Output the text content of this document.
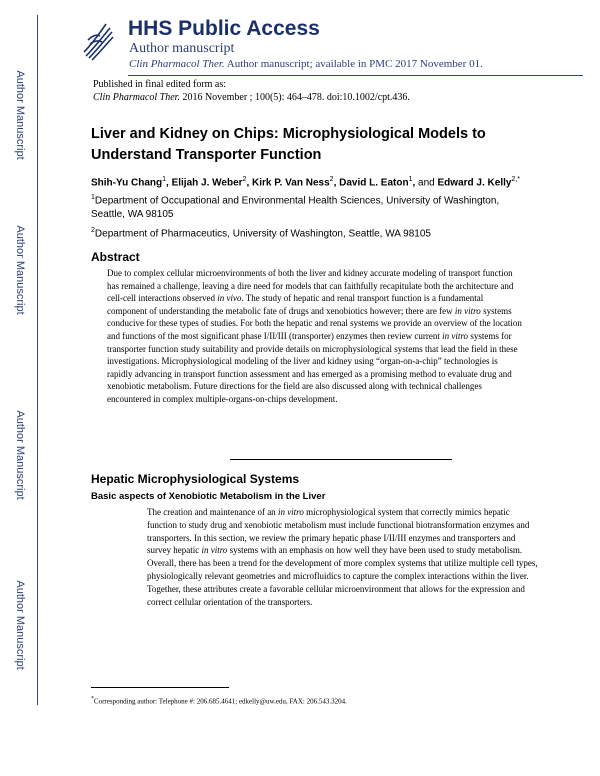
Author Manuscript
Author Manuscript
Author Manuscript
Author Manuscript
HHS Public Access
Author manuscript
Clin Pharmacol Ther. Author manuscript; available in PMC 2017 November 01.
Published in final edited form as:
Clin Pharmacol Ther. 2016 November ; 100(5): 464–478. doi:10.1002/cpt.436.
Liver and Kidney on Chips: Microphysiological Models to Understand Transporter Function
Shih-Yu Chang$^1$, Elijah J. Weber$^2$, Kirk P. Van Ness$^2$, David L. Eaton$^1$, and Edward J. Kelly$^{2,*}$
$^1$Department of Occupational and Environmental Health Sciences, University of Washington, Seattle, WA 98105
$^2$Department of Pharmaceutics, University of Washington, Seattle, WA 98105
Abstract
Due to complex cellular microenvironments of both the liver and kidney accurate modeling of transport function has remained a challenge, leaving a dire need for models that can faithfully recapitulate both the architecture and cell-cell interactions observed in vivo. The study of hepatic and renal transport function is a fundamental component of understanding the metabolic fate of drugs and xenobiotics however; there are few in vitro systems conducive for these types of studies. For both the hepatic and renal systems we provide an overview of the location and functions of the most significant phase I/II/III (transporter) enzymes then review current in vitro systems for transporter function study suitability and provide details on microphysiological systems that lead the field in these investigations. Microphysiological modeling of the liver and kidney using “organ-on-a-chip” technologies is rapidly advancing in transport function assessment and has emerged as a promising method to evaluate drug and xenobiotic metabolism. Future directions for the field are also discussed along with technical challenges encountered in complex multiple-organs-on-chips development.
Hepatic Microphysiological Systems
Basic aspects of Xenobiotic Metabolism in the Liver
The creation and maintenance of an in vitro microphysiological system that correctly mimics hepatic function to study drug and xenobiotic metabolism must include functional biotransformation enzymes and transporters. In this section, we review the primary hepatic phase I/II/III enzymes and transporters and survey hepatic in vitro systems with an emphasis on how well they have been used to study metabolism. Overall, there has been a trend for the development of more complex systems that utilize multiple cell types, physiologically relevant geometries and microfluidics to capture the complex interactions within the liver. Together, these attributes create a favorable cellular microenvironment that allows for the expression and correct cellular orientation of the transporters.
*Corresponding author: Telephone #: 206.685.4641; edkelly@uw.edu, FAX: 206.543.3204.
